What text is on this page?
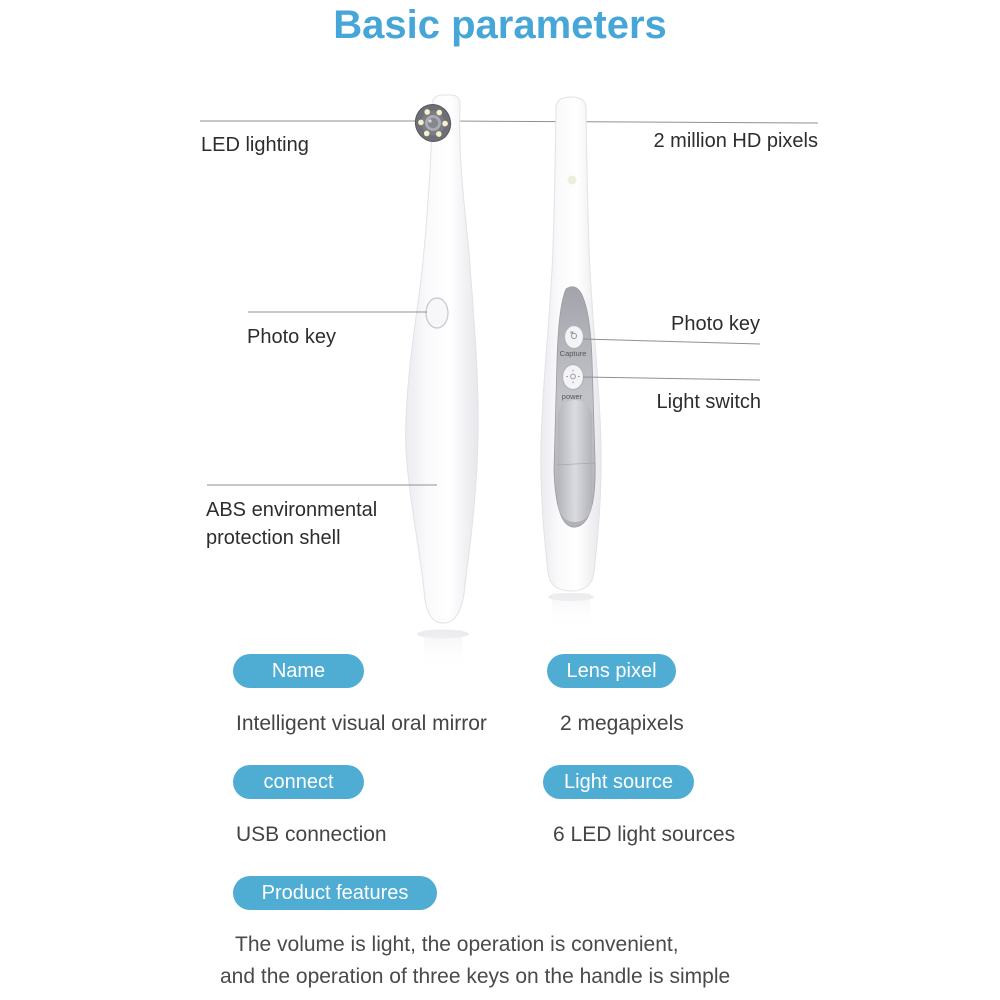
Basic parameters
Capture
power
LED lighting	2 million HD pixels
Photo key
Photo key
Light switch
ABS environmental
protection shell
Name	Lens pixel
Intelligent visual oral mirror	2 megapixels
connect	Light source
USB connection	6 LED light sources
Product features
The volume is light, the operation is convenient,
and the operation of three keys on the handle is simple
